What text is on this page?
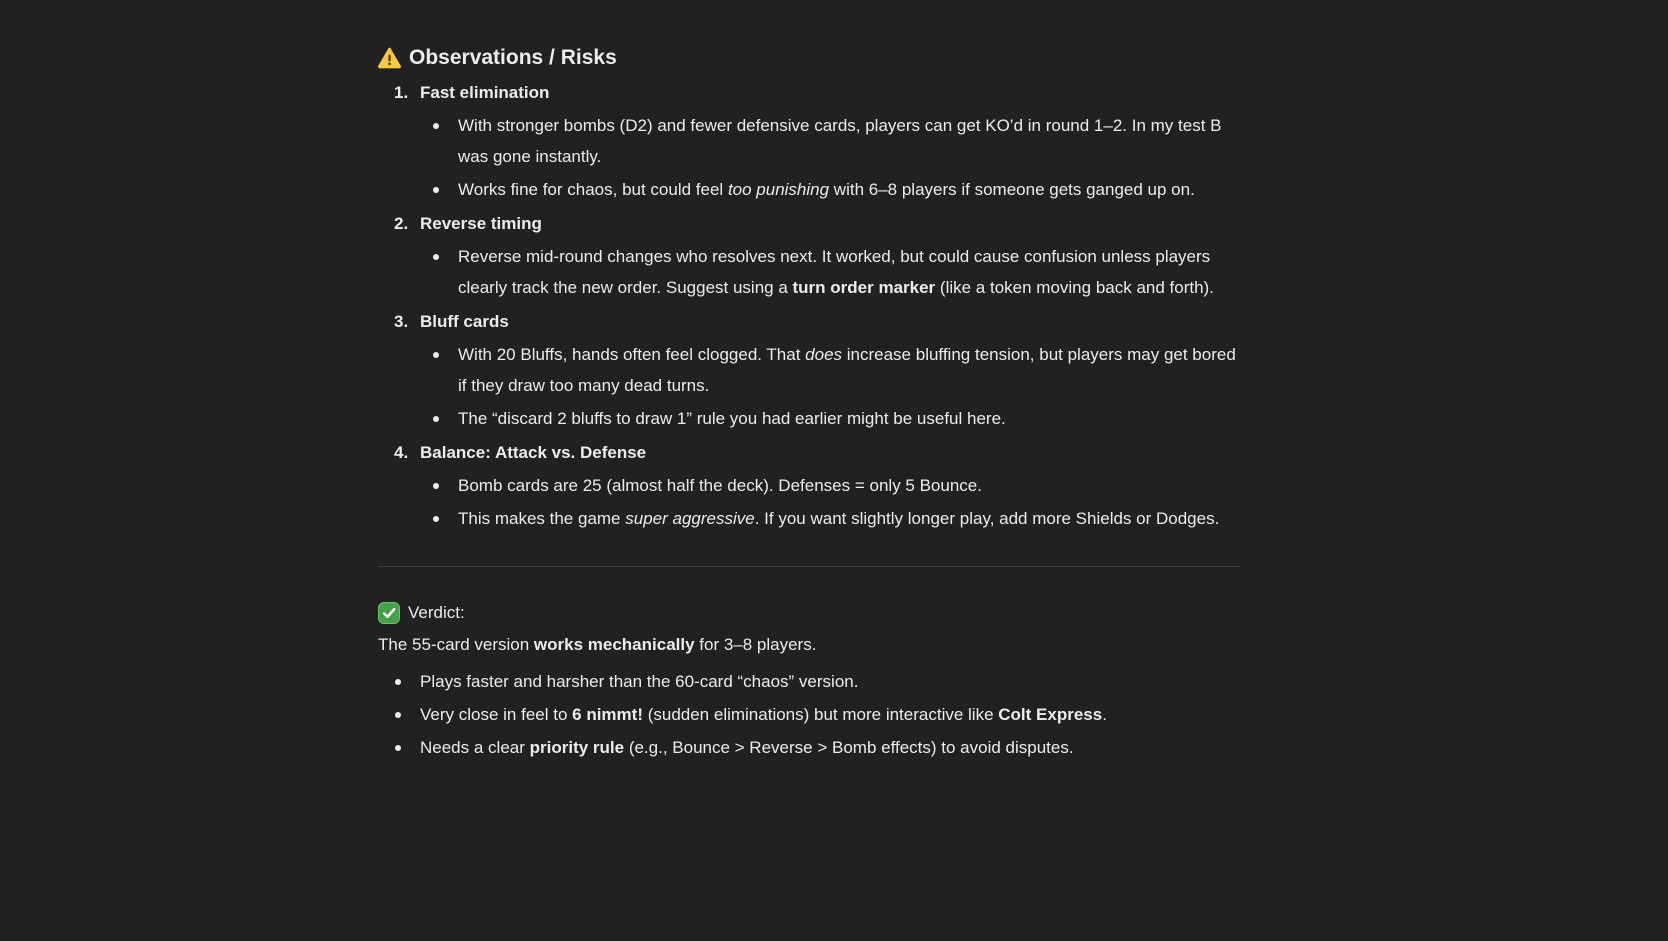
Observations / Risks
1. Fast elimination
With stronger bombs (D2) and fewer defensive cards, players can get KO’d in round 1–2. In my test B was gone instantly.
Works fine for chaos, but could feel too punishing with 6–8 players if someone gets ganged up on.
2. Reverse timing
Reverse mid-round changes who resolves next. It worked, but could cause confusion unless players clearly track the new order. Suggest using a turn order marker (like a token moving back and forth).
3. Bluff cards
With 20 Bluffs, hands often feel clogged. That does increase bluffing tension, but players may get bored if they draw too many dead turns.
The “discard 2 bluffs to draw 1” rule you had earlier might be useful here.
4. Balance: Attack vs. Defense
Bomb cards are 25 (almost half the deck). Defenses = only 5 Bounce.
This makes the game super aggressive. If you want slightly longer play, add more Shields or Dodges.

Verdict:

The 55-card version works mechanically for 3–8 players.

Plays faster and harsher than the 60-card “chaos” version.
Very close in feel to 6 nimmt! (sudden eliminations) but more interactive like Colt Express.
Needs a clear priority rule (e.g., Bounce > Reverse > Bomb effects) to avoid disputes.
